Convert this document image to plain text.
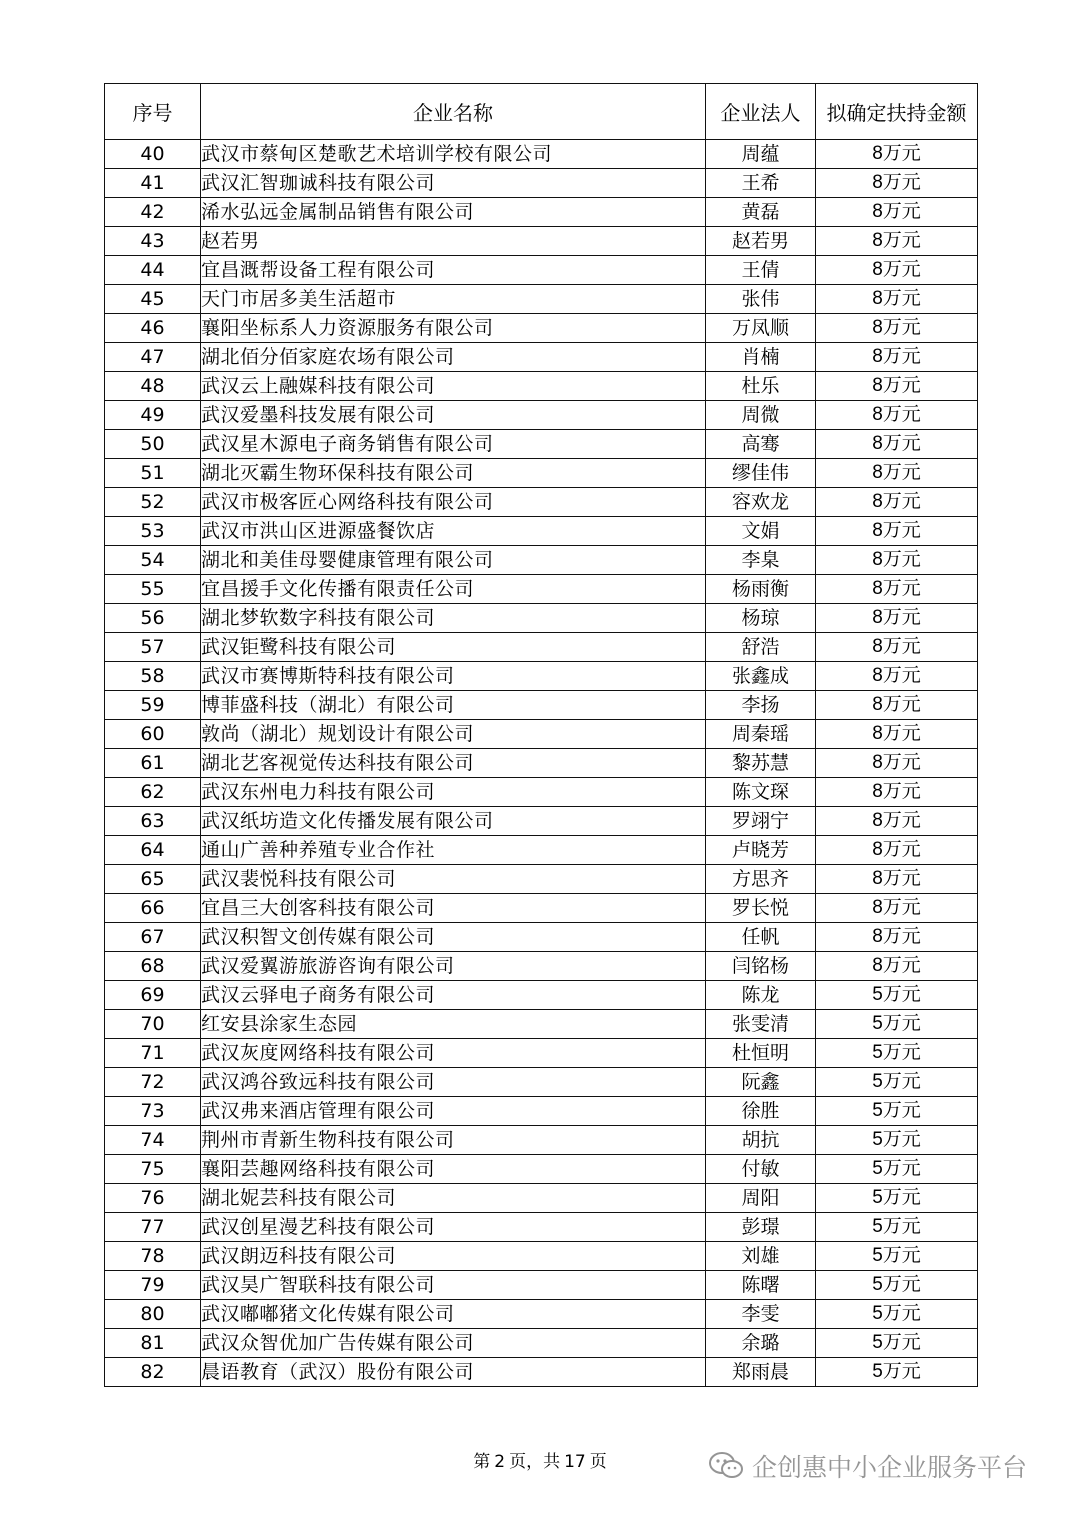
序号	企业名称	企业法人	拟确定扶持金额
40	武汉市蔡甸区楚歌艺术培训学校有限公司	周蕴	8万元
41	武汉汇智珈诚科技有限公司	王希	8万元
42	浠水弘远金属制品销售有限公司	黄磊	8万元
43	赵若男	赵若男	8万元
44	宜昌溉帮设备工程有限公司	王倩	8万元
45	天门市居多美生活超市	张伟	8万元
46	襄阳坐标系人力资源服务有限公司	万凤顺	8万元
47	湖北佰分佰家庭农场有限公司	肖楠	8万元
48	武汉云上融媒科技有限公司	杜乐	8万元
49	武汉爱墨科技发展有限公司	周微	8万元
50	武汉星木源电子商务销售有限公司	高骞	8万元
51	湖北灭霸生物环保科技有限公司	缪佳伟	8万元
52	武汉市极客匠心网络科技有限公司	容欢龙	8万元
53	武汉市洪山区进源盛餐饮店	文娟	8万元
54	湖北和美佳母婴健康管理有限公司	李臬	8万元
55	宜昌援手文化传播有限责任公司	杨雨衡	8万元
56	湖北梦软数字科技有限公司	杨琼	8万元
57	武汉钜鹭科技有限公司	舒浩	8万元
58	武汉市赛博斯特科技有限公司	张鑫成	8万元
59	博菲盛科技（湖北）有限公司	李扬	8万元
60	敦尚（湖北）规划设计有限公司	周秦瑶	8万元
61	湖北艺客视觉传达科技有限公司	黎苏慧	8万元
62	武汉东州电力科技有限公司	陈文琛	8万元
63	武汉纸坊造文化传播发展有限公司	罗翊宁	8万元
64	通山广善种养殖专业合作社	卢晓芳	8万元
65	武汉裴悦科技有限公司	方思齐	8万元
66	宜昌三大创客科技有限公司	罗长悦	8万元
67	武汉积智文创传媒有限公司	任帆	8万元
68	武汉爱翼游旅游咨询有限公司	闫铭杨	8万元
69	武汉云驿电子商务有限公司	陈龙	5万元
70	红安县涂家生态园	张雯清	5万元
71	武汉灰度网络科技有限公司	杜恒明	5万元
72	武汉鸿谷致远科技有限公司	阮鑫	5万元
73	武汉弗来酒店管理有限公司	徐胜	5万元
74	荆州市青新生物科技有限公司	胡抗	5万元
75	襄阳芸趣网络科技有限公司	付敏	5万元
76	湖北妮芸科技有限公司	周阳	5万元
77	武汉创星漫艺科技有限公司	彭璟	5万元
78	武汉朗迈科技有限公司	刘雄	5万元
79	武汉昊广智联科技有限公司	陈曙	5万元
80	武汉嘟嘟猪文化传媒有限公司	李雯	5万元
81	武汉众智优加广告传媒有限公司	余璐	5万元
82	晨语教育（武汉）股份有限公司	郑雨晨	5万元
第 2 页，共 17 页	企创惠中小企业服务平台
